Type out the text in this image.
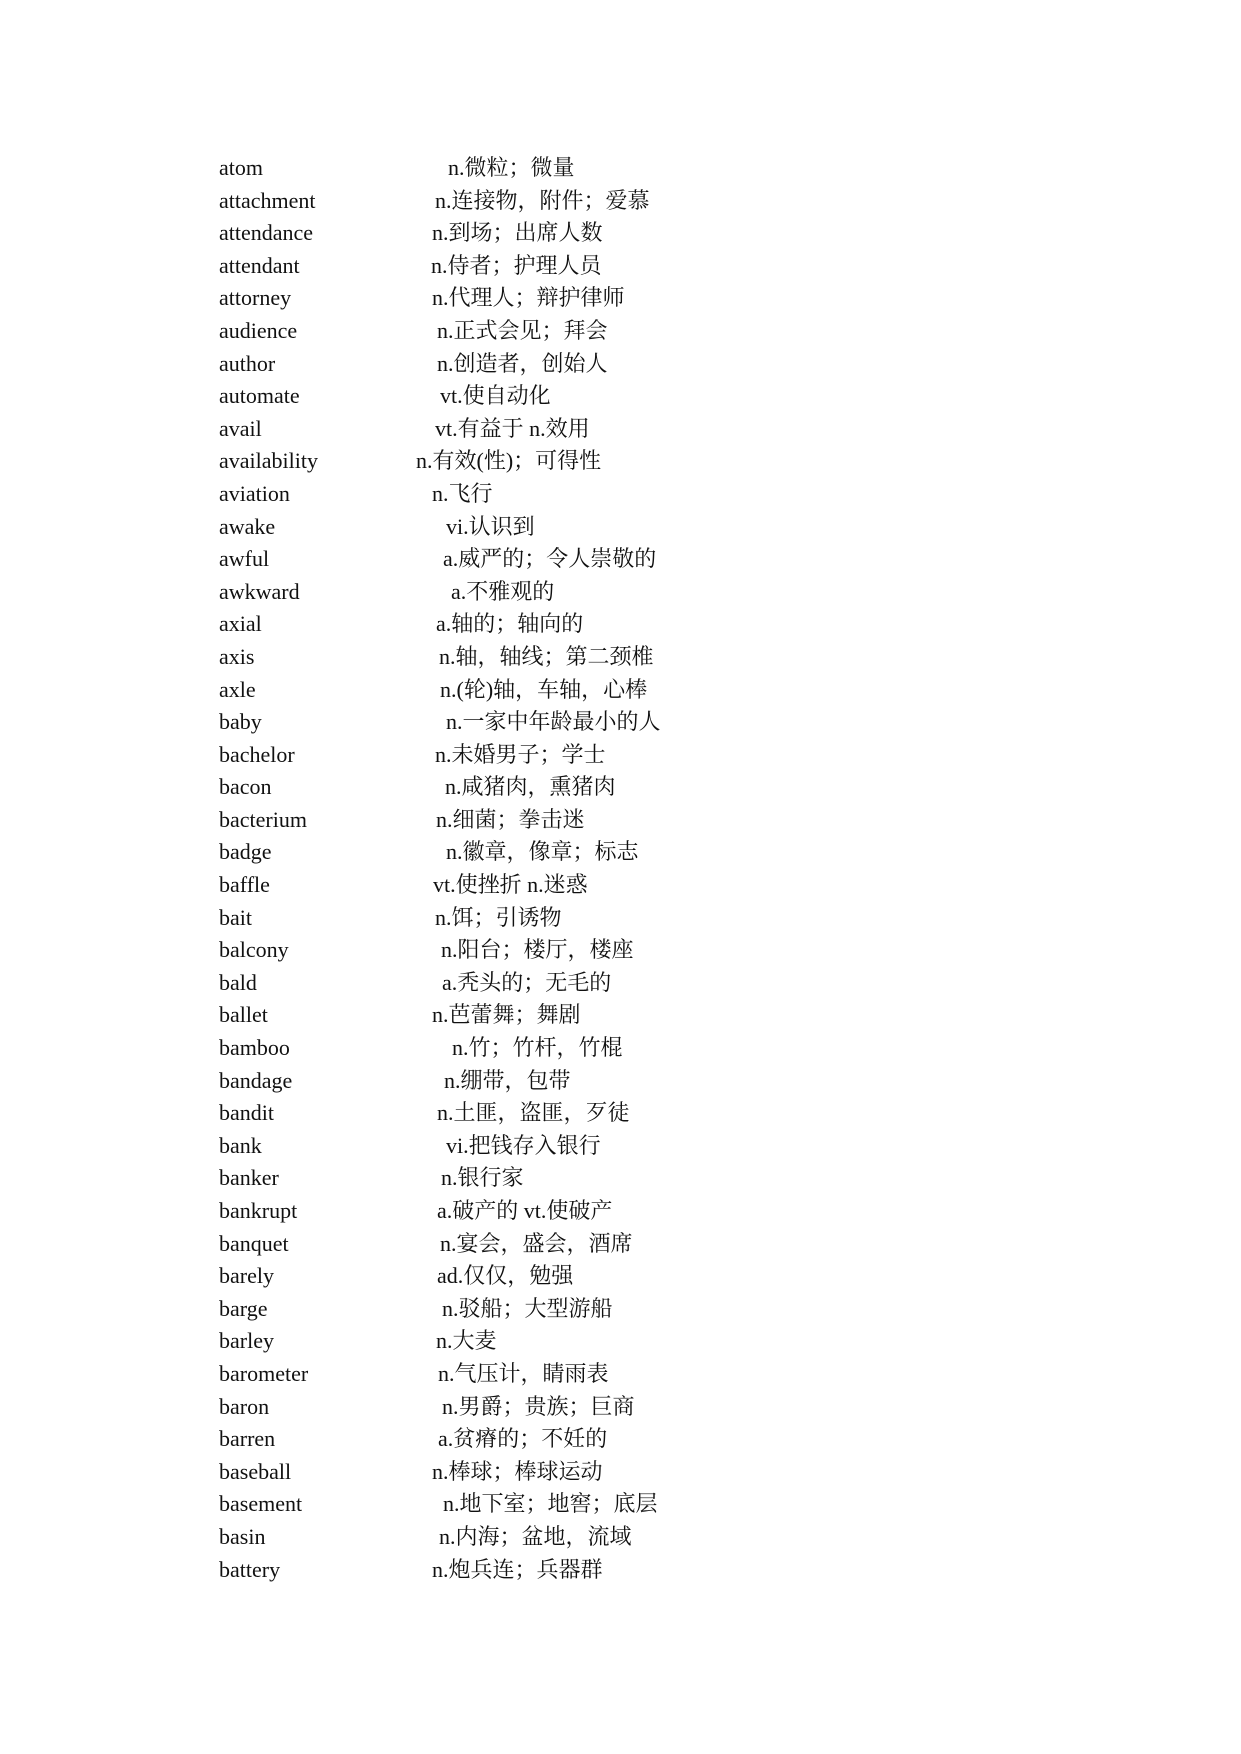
atom	n.微粒；微量
attachment	n.连接物，附件；爱慕
attendance	n.到场；出席人数
attendant	n.侍者；护理人员
attorney	n.代理人；辩护律师
audience	n.正式会见；拜会
author	n.创造者，创始人
automate	vt.使自动化
avail	vt.有益于 n.效用
availability	n.有效(性)；可得性
aviation	n.飞行
awake	vi.认识到
awful	a.威严的；令人崇敬的
awkward	a.不雅观的
axial	a.轴的；轴向的
axis	n.轴，轴线；第二颈椎
axle	n.(轮)轴，车轴，心棒
baby	n.一家中年龄最小的人
bachelor	n.未婚男子；学士
bacon	n.咸猪肉，熏猪肉
bacterium	n.细菌；拳击迷
badge	n.徽章，像章；标志
baffle	vt.使挫折 n.迷惑
bait	n.饵；引诱物
balcony	n.阳台；楼厅，楼座
bald	a.秃头的；无毛的
ballet	n.芭蕾舞；舞剧
bamboo	n.竹；竹杆，竹棍
bandage	n.绷带，包带
bandit	n.土匪，盗匪，歹徒
bank	vi.把钱存入银行
banker	n.银行家
bankrupt	a.破产的 vt.使破产
banquet	n.宴会，盛会，酒席
barely	ad.仅仅，勉强
barge	n.驳船；大型游船
barley	n.大麦
barometer	n.气压计，睛雨表
baron	n.男爵；贵族；巨商
barren	a.贫瘠的；不妊的
baseball	n.棒球；棒球运动
basement	n.地下室；地窖；底层
basin	n.内海；盆地，流域
battery	n.炮兵连；兵器群
